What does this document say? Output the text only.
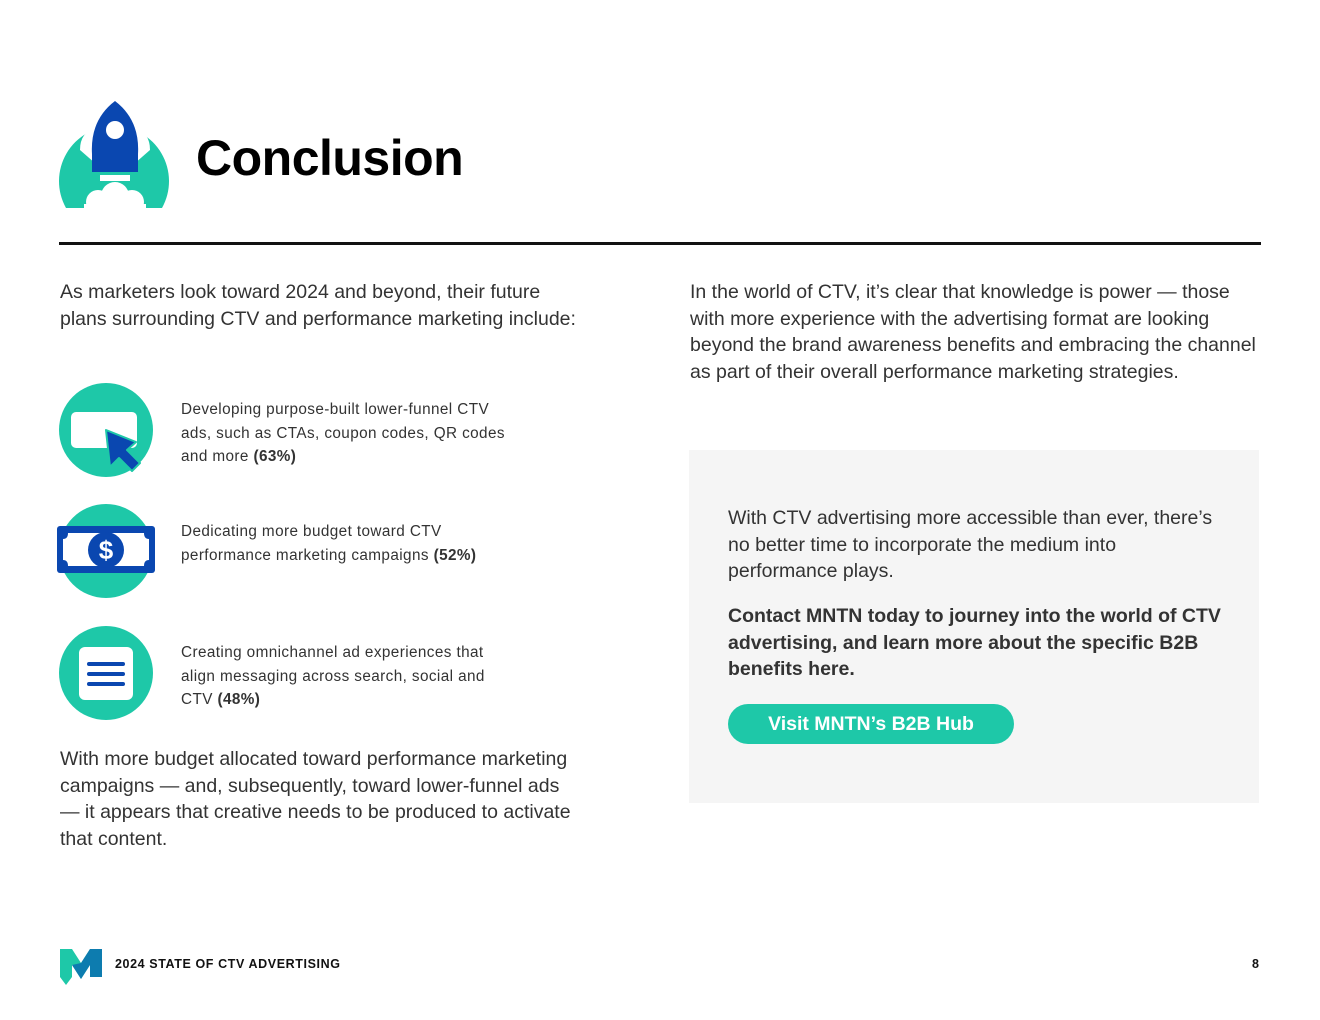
Conclusion

As marketers look toward 2024 and beyond, their future plans surrounding CTV and performance marketing include:

Developing purpose-built lower-funnel CTV ads, such as CTAs, coupon codes, QR codes and more (63%)
$
Dedicating more budget toward CTV performance marketing campaigns (52%)
Creating omnichannel ad experiences that align messaging across search, social and CTV (48%)

With more budget allocated toward performance marketing campaigns — and, subsequently, toward lower-funnel ads — it appears that creative needs to be produced to activate that content.

In the world of CTV, it’s clear that knowledge is power — those with more experience with the advertising format are looking beyond the brand awareness benefits and embracing the channel as part of their overall performance marketing strategies.

With CTV advertising more accessible than ever, there’s no better time to incorporate the medium into performance plays.

Contact MNTN today to journey into the world of CTV advertising, and learn more about the specific B2B benefits here.

Visit MNTN’s B2B Hub
2024 STATE OF CTV ADVERTISING	8
